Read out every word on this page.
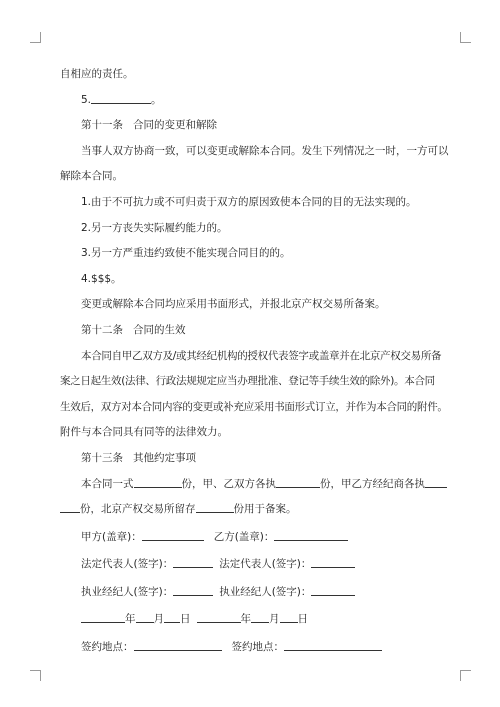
自相应的责任。

5.	。

第十一条 合同的变更和解除

当事人双方协商一致，可以变更或解除本合同。发生下列情况之一时，一方可以

解除本合同。

1.由于不可抗力或不可归责于双方的原因致使本合同的目的无法实现的。

2.另一方丧失实际履约能力的。

3.另一方严重违约致使不能实现合同目的的。

4.$$$。

变更或解除本合同均应采用书面形式，并报北京产权交易所备案。

第十二条 合同的生效

本合同自甲乙双方及/或其经纪机构的授权代表签字或盖章并在北京产权交易所备

案之日起生效(法律、行政法规规定应当办理批准、登记等手续生效的除外)。本合同

生效后，双方对本合同内容的变更或补充应采用书面形式订立，并作为本合同的附件。

附件与本合同具有同等的法律效力。

第十三条 其他约定事项

本合同一式	份，甲、乙双方各执	份，甲乙方经纪商各执

份，北京产权交易所留存	份用于备案。

甲方(盖章)：	乙方(盖章)：

法定代表人(签字)：	法定代表人(签字)：

执业经纪人(签字)：	执业经纪人(签字)：

年 月 日	年 月 日

签约地点：	签约地点：
